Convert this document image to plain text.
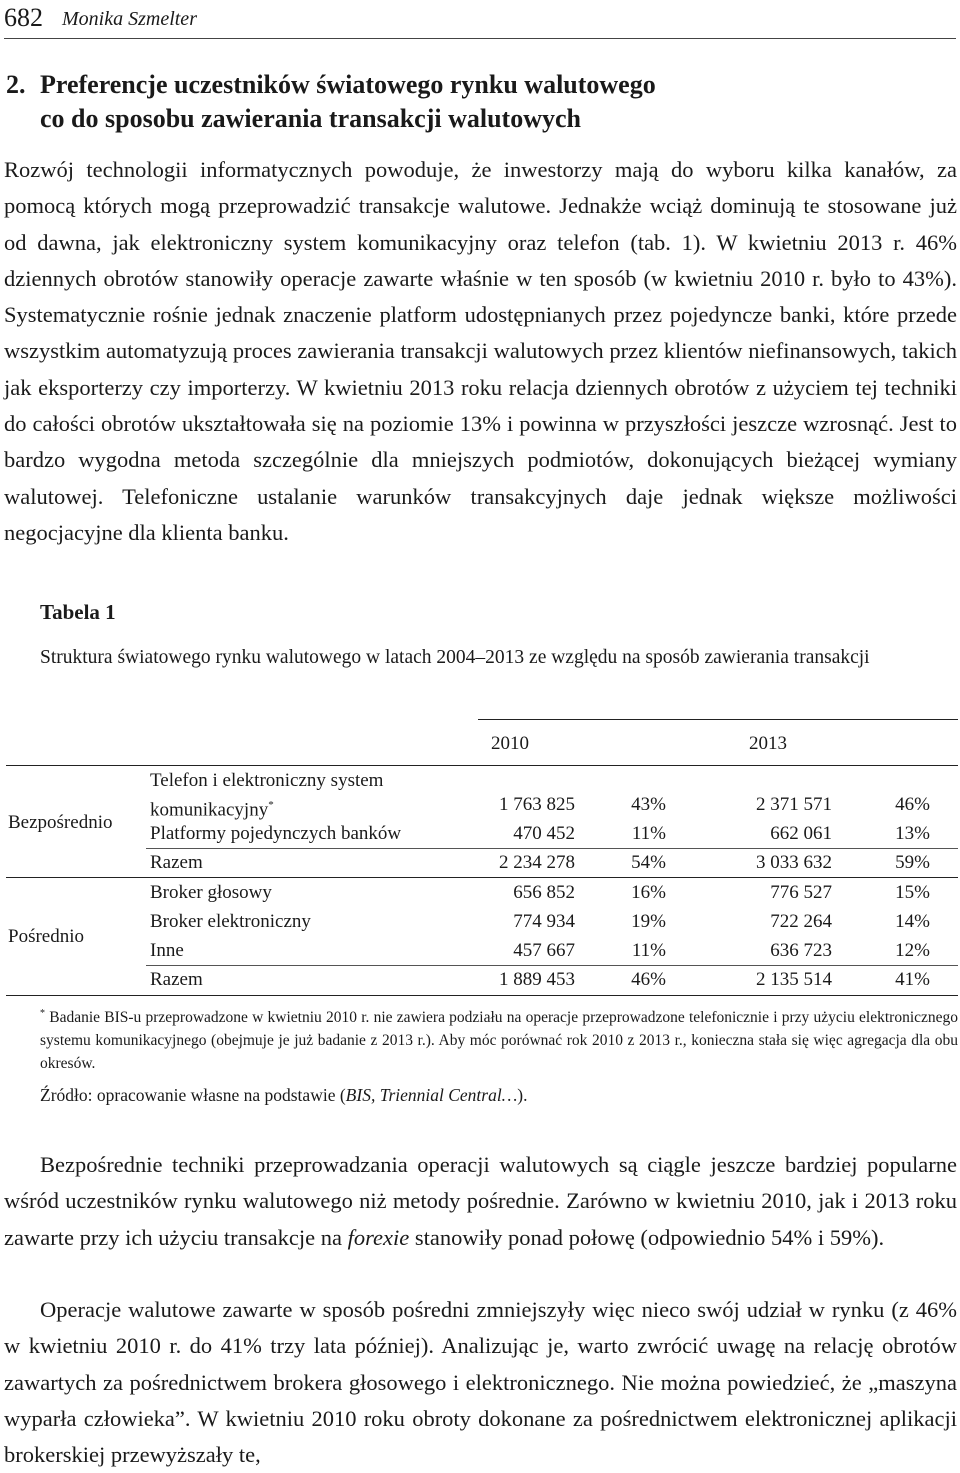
682 Monika Szmelter
2. Preferencje uczestników światowego rynku walutowego
co do sposobu zawierania transakcji walutowych

Rozwój technologii informatycznych powoduje, że inwestorzy mają do wyboru kilka kanałów, za pomocą których mogą przeprowadzić transakcje walutowe. Jednakże wciąż dominują te stosowane już od dawna, jak elektroniczny system komunikacyjny oraz telefon (tab. 1). W kwietniu 2013 r. 46% dziennych obrotów stanowiły operacje zawarte właśnie w ten sposób (w kwietniu 2010 r. było to 43%). Systematycznie rośnie jednak znaczenie platform udostępnianych przez pojedyncze banki, które przede wszystkim automatyzują proces zawierania transakcji walutowych przez klientów niefinansowych, takich jak eksporterzy czy importerzy. W kwietniu 2013 roku relacja dziennych obrotów z użyciem tej techniki do całości obrotów ukształtowała się na poziomie 13% i powinna w przyszłości jeszcze wzrosnąć. Jest to bardzo wygodna metoda szczególnie dla mniejszych podmiotów, dokonujących bieżącej wymiany walutowej. Telefoniczne ustalanie warunków transakcyjnych daje jednak większe możliwości negocjacyjne dla klienta banku.

Tabela 1
Struktura światowego rynku walutowego w latach 2004–2013 ze względu na sposób zawierania transakcji
2010	2013
Bezpośrednio
Telefon i elektroniczny system
komunikacyjny*	1 763 825	43%	2 371 571	46%
Platformy pojedynczych banków	470 452	11%	662 061	13%
Razem	2 234 278	54%	3 033 632	59%
Pośrednio
Broker głosowy	656 852	16%	776 527	15%
Broker elektroniczny	774 934	19%	722 264	14%
Inne	457 667	11%	636 723	12%
Razem	1 889 453	46%	2 135 514	41%
* Badanie BIS-u przeprowadzone w kwietniu 2010 r. nie zawiera podziału na operacje przeprowadzone telefonicznie i przy użyciu elektronicznego systemu komunikacyjnego (obejmuje je już badanie z 2013 r.). Aby móc porównać rok 2010 z 2013 r., konieczna stała się więc agregacja dla obu okresów.
Źródło: opracowanie własne na podstawie (BIS, Triennial Central…).

Bezpośrednie techniki przeprowadzania operacji walutowych są ciągle jeszcze bardziej popularne wśród uczestników rynku walutowego niż metody pośrednie. Zarówno w kwietniu 2010, jak i 2013 roku zawarte przy ich użyciu transakcje na forexie stanowiły ponad połowę (odpowiednio 54% i 59%).

Operacje walutowe zawarte w sposób pośredni zmniejszyły więc nieco swój udział w rynku (z 46% w kwietniu 2010 r. do 41% trzy lata później). Analizując je, warto zwrócić uwagę na relację obrotów zawartych za pośrednictwem brokera głosowego i elektronicznego. Nie można powiedzieć, że „maszyna wyparła człowieka”. W kwietniu 2010 roku obroty dokonane za pośrednictwem elektronicznej aplikacji brokerskiej przewyższały te,
